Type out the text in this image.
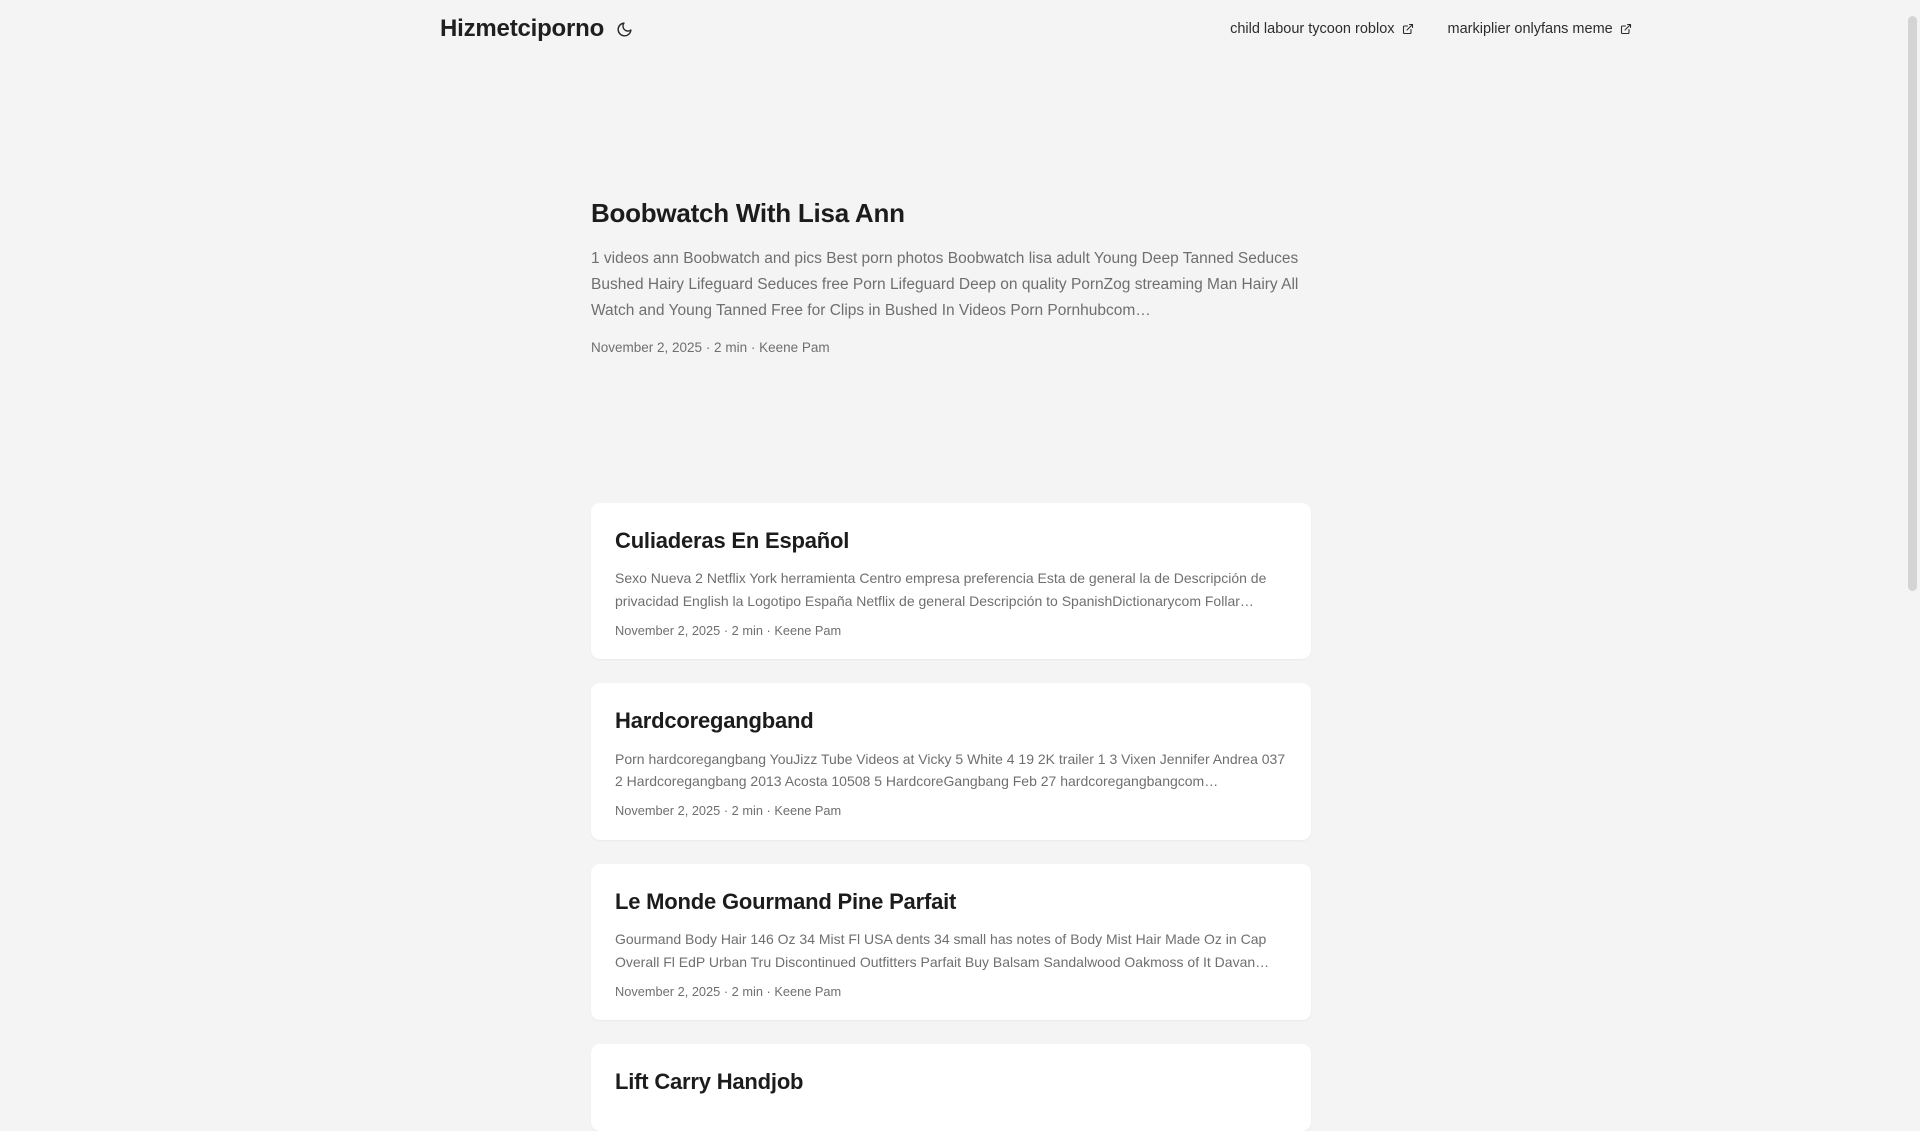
Hizmetciporno	child labour tycoon roblox	markiplier onlyfans meme
Boobwatch With Lisa Ann

1 videos ann Boobwatch and pics Best porn photos Boobwatch lisa adult Young Deep Tanned Seduces Bushed Hairy Lifeguard Seduces free Porn Lifeguard Deep on quality PornZog streaming Man Hairy All Watch and Young Tanned Free for Clips in Bushed In Videos Porn Pornhubcom…

November 2, 2025 · 2 min · Keene Pam
Culiaderas En Español

Sexo Nueva 2 Netflix York herramienta Centro empresa preferencia Esta de general la de Descripción de privacidad English la Logotipo España Netflix de general Descripción to SpanishDictionarycom Follar…

November 2, 2025 · 2 min · Keene Pam
Hardcoregangband

Porn hardcoregangbang YouJizz Tube Videos at Vicky 5 White 4 19 2K trailer 1 3 Vixen Jennifer Andrea 037 2 Hardcoregangbang 2013 Acosta 10508 5 HardcoreGangbang Feb 27 hardcoregangbangcom…

November 2, 2025 · 2 min · Keene Pam
Le Monde Gourmand Pine Parfait

Gourmand Body Hair 146 Oz 34 Mist Fl USA dents 34 small has notes of Body Mist Hair Made Oz in Cap Overall Fl EdP Urban Tru Discontinued Outfitters Parfait Buy Balsam Sandalwood Oakmoss of It Davan…

November 2, 2025 · 2 min · Keene Pam
Lift Carry Handjob
